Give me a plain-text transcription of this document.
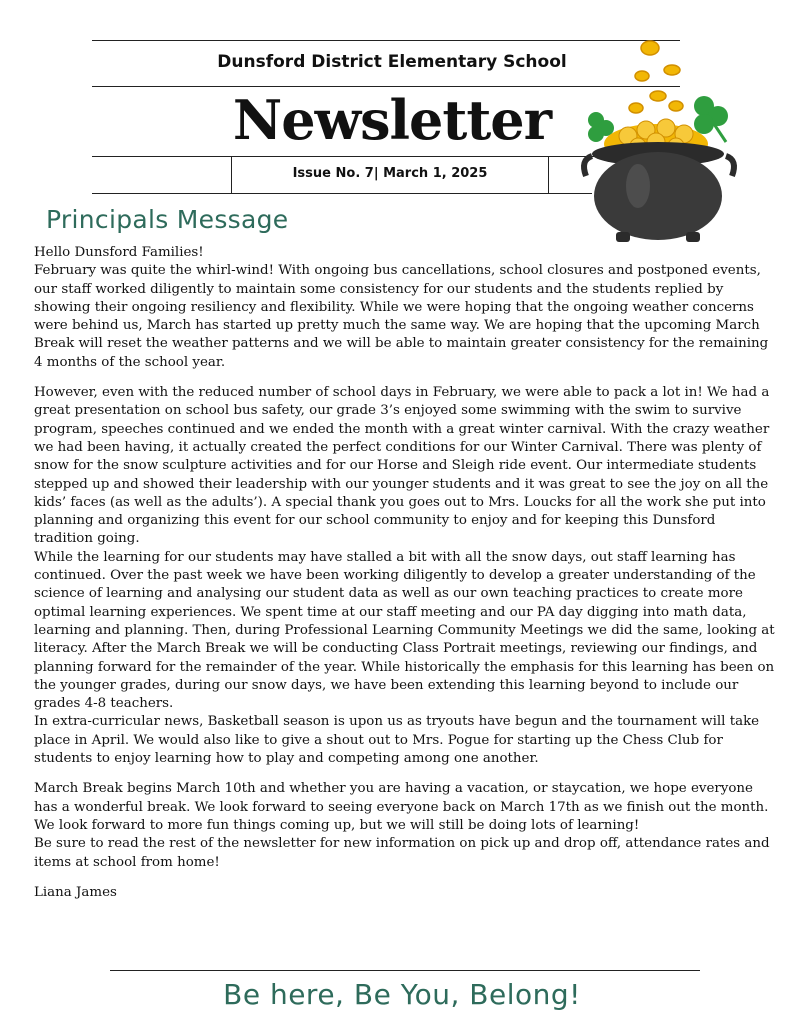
Dunsford District Elementary School
Newsletter
Issue No. 7| March 1, 2025
Principals Message

Hello Dunsford Families!

February was quite the whirl-wind! With ongoing bus cancellations, school closures and postponed events, our staff worked diligently to maintain some consistency for our students and the students replied by showing their ongoing resiliency and flexibility. While we were hoping that the ongoing weather concerns were behind us, March has started up pretty much the same way. We are hoping that the upcoming March Break will reset the weather patterns and we will be able to maintain greater consistency for the remaining 4 months of the school year.

However, even with the reduced number of school days in February, we were able to pack a lot in! We had a great presentation on school bus safety, our grade 3’s enjoyed some swimming with the swim to survive program, speeches continued and we ended the month with a great winter carnival. With the crazy weather we had been having, it actually created the perfect conditions for our Winter Carnival. There was plenty of snow for the snow sculpture activities and for our Horse and Sleigh ride event. Our intermediate students stepped up and showed their leadership with our younger students and it was great to see the joy on all the kids’ faces (as well as the adults’). A special thank you goes out to Mrs. Loucks for all the work she put into planning and organizing this event for our school community to enjoy and for keeping this Dunsford tradition going.

While the learning for our students may have stalled a bit with all the snow days, out staff learning has continued. Over the past week we have been working diligently to develop a greater understanding of the science of learning and analysing our student data as well as our own teaching practices to create more optimal learning experiences. We spent time at our staff meeting and our PA day digging into math data, learning and planning. Then, during Professional Learning Community Meetings we did the same, looking at literacy. After the March Break we will be conducting Class Portrait meetings, reviewing our findings, and planning forward for the remainder of the year. While historically the emphasis for this learning has been on the younger grades, during our snow days, we have been extending this learning beyond to include our grades 4-8 teachers.

In extra-curricular news, Basketball season is upon us as tryouts have begun and the tournament will take place in April. We would also like to give a shout out to Mrs. Pogue for starting up the Chess Club for students to enjoy learning how to play and competing among one another.

March Break begins March 10th and whether you are having a vacation, or staycation, we hope everyone has a wonderful break. We look forward to seeing everyone back on March 17th as we finish out the month.

We look forward to more fun things coming up, but we will still be doing lots of learning!

Be sure to read the rest of the newsletter for new information on pick up and drop off, attendance rates and items at school from home!

Liana James

Be here, Be You, Belong!
